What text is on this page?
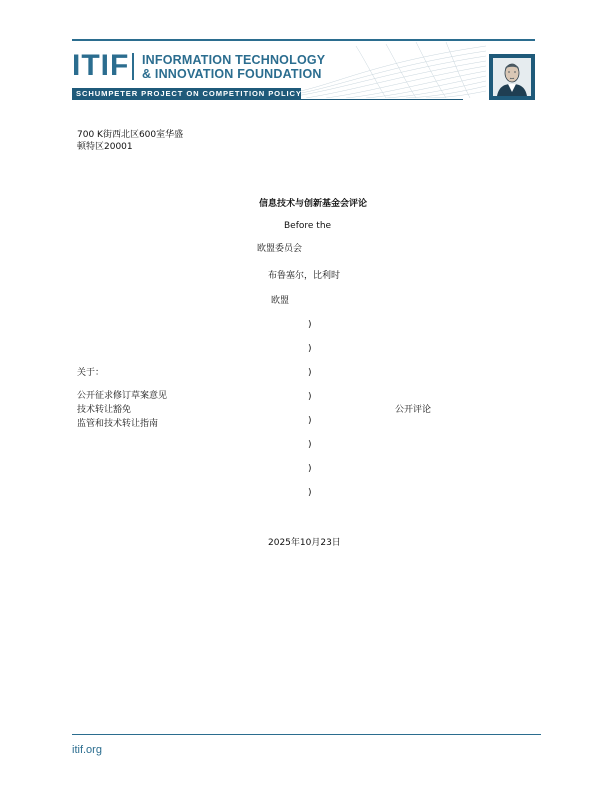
ITIF INFORMATION TECHNOLOGY
& INNOVATION FOUNDATION
SCHUMPETER PROJECT ON COMPETITION POLICY
700 K街西北区600室华盛
顿特区20001
信息技术与创新基金会评论
Before the
欧盟委员会
布鲁塞尔，比利时
欧盟
关于：
公开征求修订草案意见
技术转让豁免
监管和技术转让指南
公开评论
)
)
)
)
)
)
)
)
2025年10月23日
itif.org
